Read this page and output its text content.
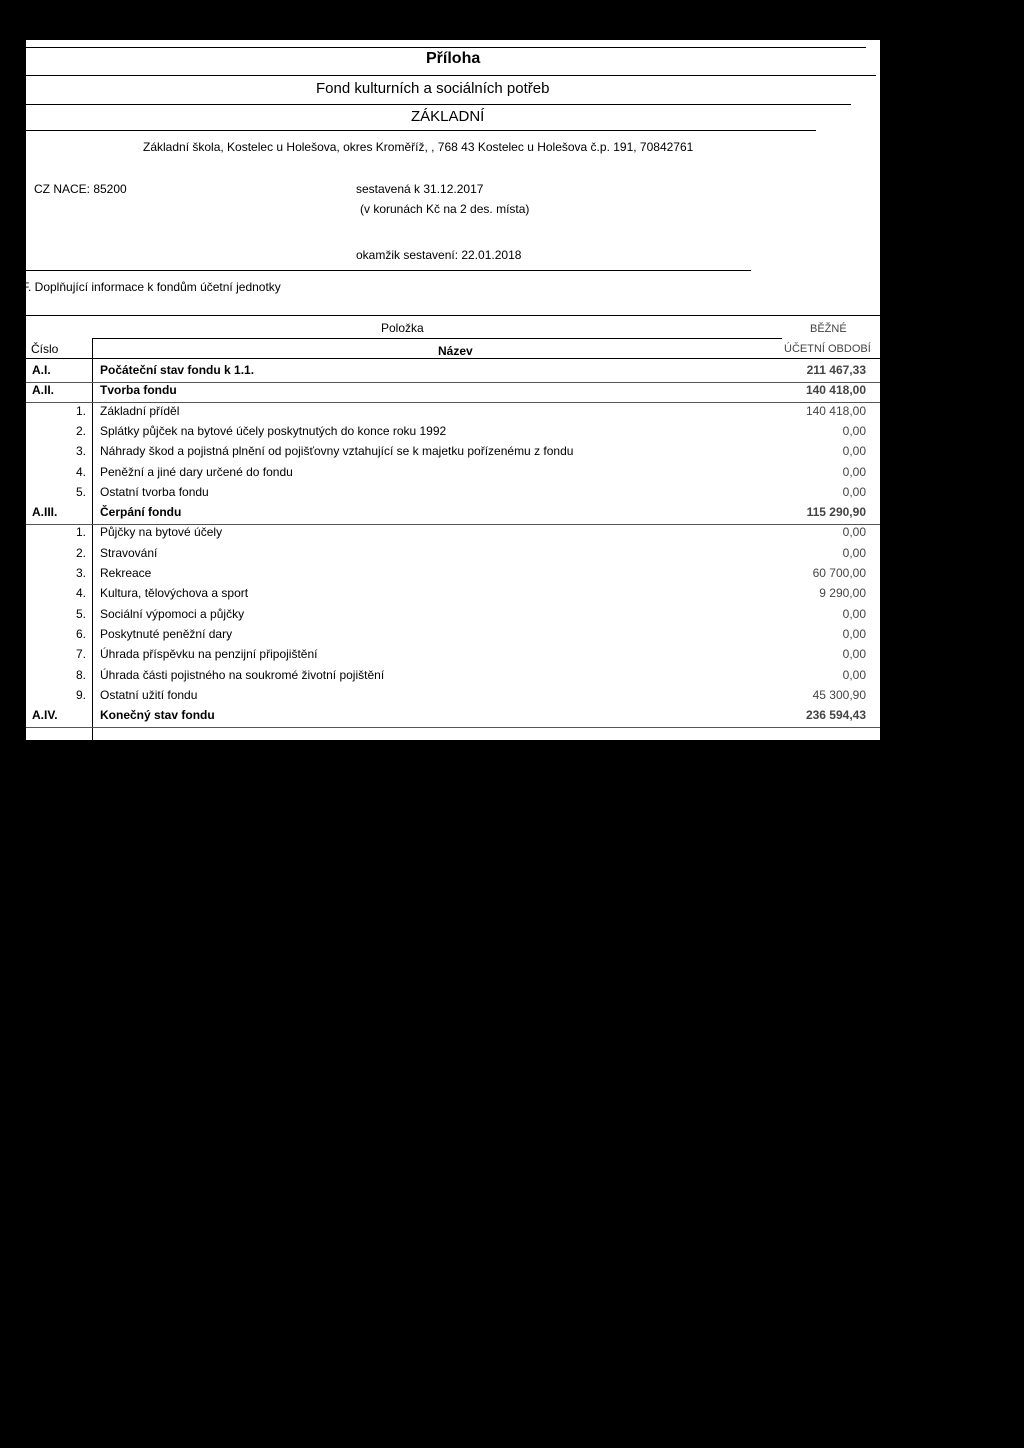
Příloha
Fond kulturních a sociálních potřeb
ZÁKLADNÍ
Základní škola, Kostelec u Holešova, okres Kroměříž, , 768 43 Kostelec u Holešova č.p. 191, 70842761
CZ NACE: 85200	sestavená k 31.12.2017
(v korunách Kč na 2 des. místa)
okamžik sestavení: 22.01.2018
F. Doplňující informace k fondům účetní jednotky
Položka	BĚŽNÉ
Číslo	Název	ÚČETNÍ OBDOBÍ
A.I.	Počáteční stav fondu k 1.1.	211 467,33
A.II.	Tvorba fondu	140 418,00
1. Základní příděl	140 418,00
2. Splátky půjček na bytové účely poskytnutých do konce roku 1992	0,00
3. Náhrady škod a pojistná plnění od pojišťovny vztahující se k majetku pořízenému z fondu	0,00
4. Peněžní a jiné dary určené do fondu	0,00
5. Ostatní tvorba fondu	0,00
A.III.	Čerpání fondu	115 290,90
1. Půjčky na bytové účely	0,00
2. Stravování	0,00
3. Rekreace	60 700,00
4. Kultura, tělovýchova a sport	9 290,00
5. Sociální výpomoci a půjčky	0,00
6. Poskytnuté peněžní dary	0,00
7. Úhrada příspěvku na penzijní připojištění	0,00
8. Úhrada části pojistného na soukromé životní pojištění	0,00
9. Ostatní užití fondu	45 300,90
A.IV.	Konečný stav fondu	236 594,43
